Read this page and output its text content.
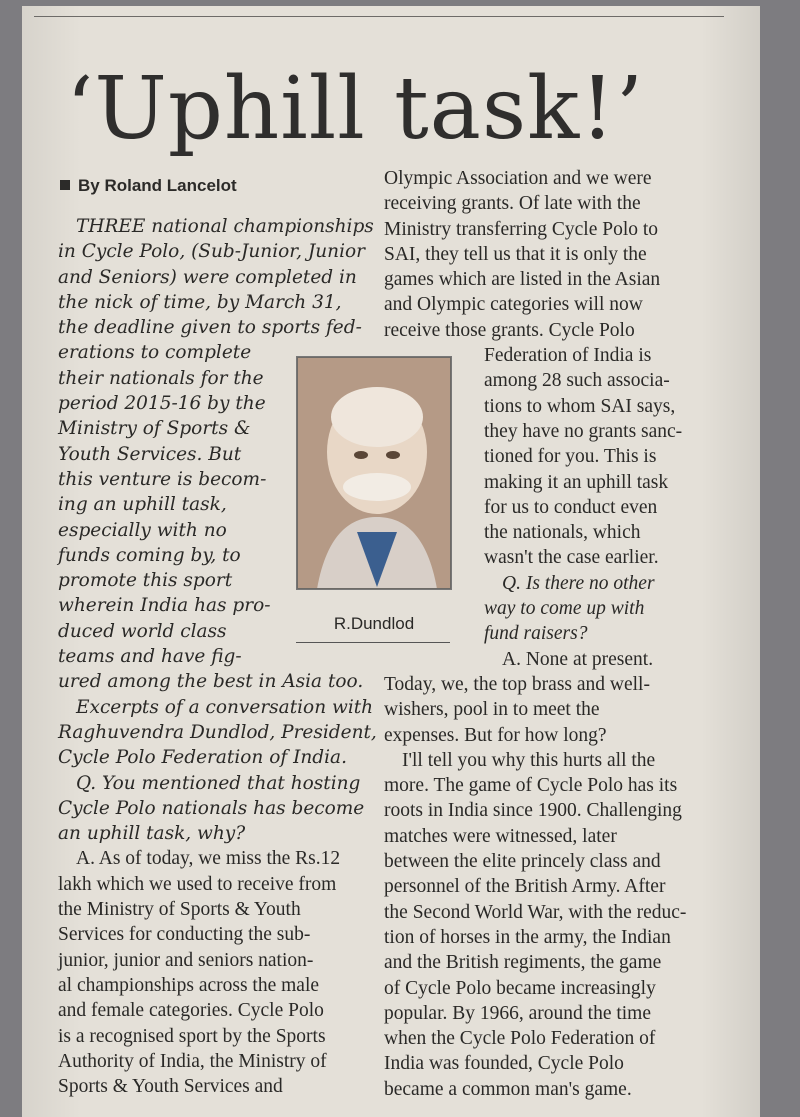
‘Uphill task!’
By Roland Lancelot
THREE national championships
in Cycle Polo, (Sub-Junior, Junior
and Seniors) were completed in
the nick of time, by March 31,
the deadline given to sports fed-
erations to complete
their nationals for the
period 2015-16 by the
Ministry of Sports &
Youth Services. But
this venture is becom-
ing an uphill task,
especially with no
funds coming by, to
promote this sport
wherein India has pro-
duced world class
teams and have fig-
ured among the best in Asia too.
Excerpts of a conversation with
Raghuvendra Dundlod, President,
Cycle Polo Federation of India.
Q. You mentioned that hosting
Cycle Polo nationals has become
an uphill task, why?
A. As of today, we miss the Rs.12
lakh which we used to receive from
the Ministry of Sports & Youth
Services for conducting the sub-
junior, junior and seniors nation-
al championships across the male
and female categories. Cycle Polo
is a recognised sport by the Sports
Authority of India, the Ministry of
Sports & Youth Services and
R.Dundlod
Olympic Association and we were
receiving grants. Of late with the
Ministry transferring Cycle Polo to
SAI, they tell us that it is only the
games which are listed in the Asian
and Olympic categories will now
receive those grants. Cycle Polo
Federation of India is
among 28 such associa-
tions to whom SAI says,
they have no grants sanc-
tioned for you. This is
making it an uphill task
for us to conduct even
the nationals, which
wasn't the case earlier.
Q. Is there no other
way to come up with
fund raisers?
A. None at present.
Today, we, the top brass and well-
wishers, pool in to meet the
expenses. But for how long?
I'll tell you why this hurts all the
more. The game of Cycle Polo has its
roots in India since 1900. Challenging
matches were witnessed, later
between the elite princely class and
personnel of the British Army. After
the Second World War, with the reduc-
tion of horses in the army, the Indian
and the British regiments, the game
of Cycle Polo became increasingly
popular. By 1966, around the time
when the Cycle Polo Federation of
India was founded, Cycle Polo
became a common man's game.
